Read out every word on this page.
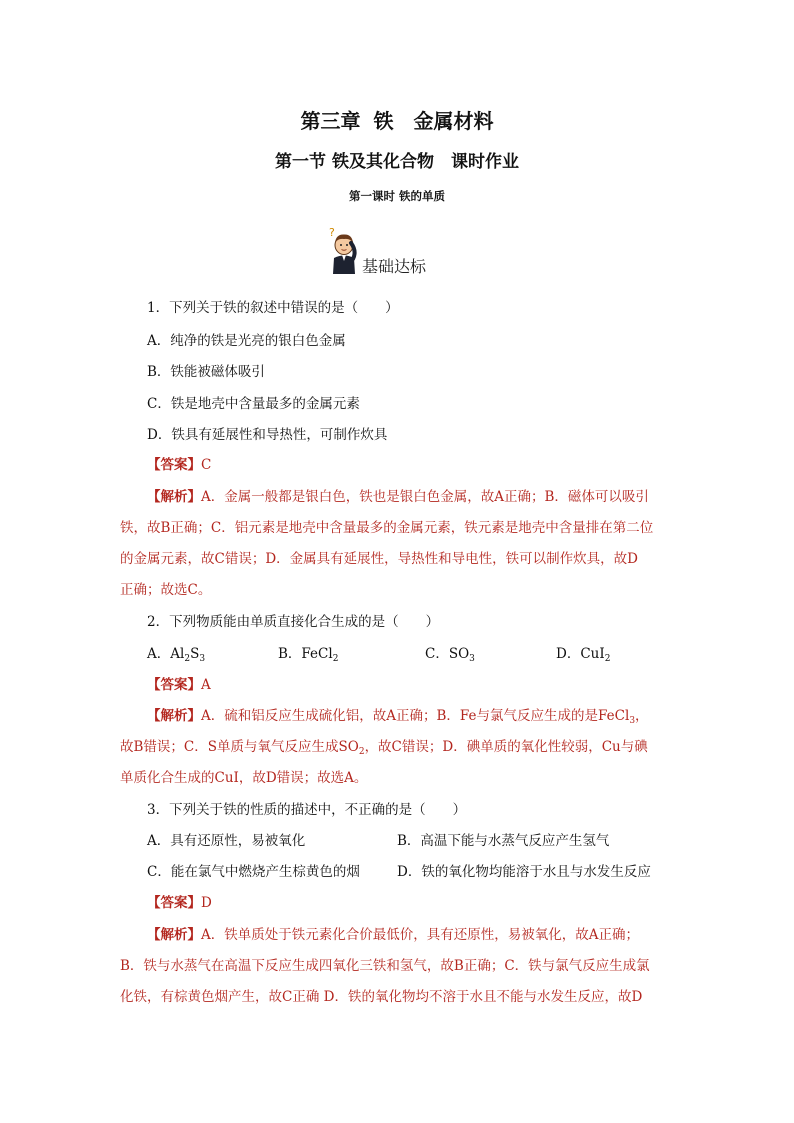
第三章 铁　金属材料
第一节 铁及其化合物　课时作业
第一课时 铁的单质
?
基础达标
1．下列关于铁的叙述中错误的是（　　）
A．纯净的铁是光亮的银白色金属
B．铁能被磁体吸引
C．铁是地壳中含量最多的金属元素
D．铁具有延展性和导热性，可制作炊具
【答案】C
【解析】A．金属一般都是银白色，铁也是银白色金属，故A正确；B．磁体可以吸引
铁，故B正确；C．铝元素是地壳中含量最多的金属元素，铁元素是地壳中含量排在第二位
的金属元素，故C错误；D．金属具有延展性，导热性和导电性，铁可以制作炊具，故D
正确；故选C。
2．下列物质能由单质直接化合生成的是（　　）
A．$Al_2S_3$	B．FeCl$_2$	C．$SO_3$	D．CuI$_2$
【答案】A
【解析】A．硫和铝反应生成硫化铝，故A正确；B．Fe与氯气反应生成的是FeCl$_3$，
故B错误；C．S单质与氧气反应生成$SO_2$，故C错误；D．碘单质的氧化性较弱，Cu与碘
单质化合生成的CuI，故D错误；故选A。
3．下列关于铁的性质的描述中，不正确的是（　　）
A．具有还原性，易被氧化	B．高温下能与水蒸气反应产生氢气
C．能在氯气中燃烧产生棕黄色的烟	D．铁的氧化物均能溶于水且与水发生反应
【答案】D
【解析】A．铁单质处于铁元素化合价最低价，具有还原性，易被氧化，故A正确；
B．铁与水蒸气在高温下反应生成四氧化三铁和氢气，故B正确；C．铁与氯气反应生成氯
化铁，有棕黄色烟产生，故C正确 D．铁的氧化物均不溶于水且不能与水发生反应，故D
